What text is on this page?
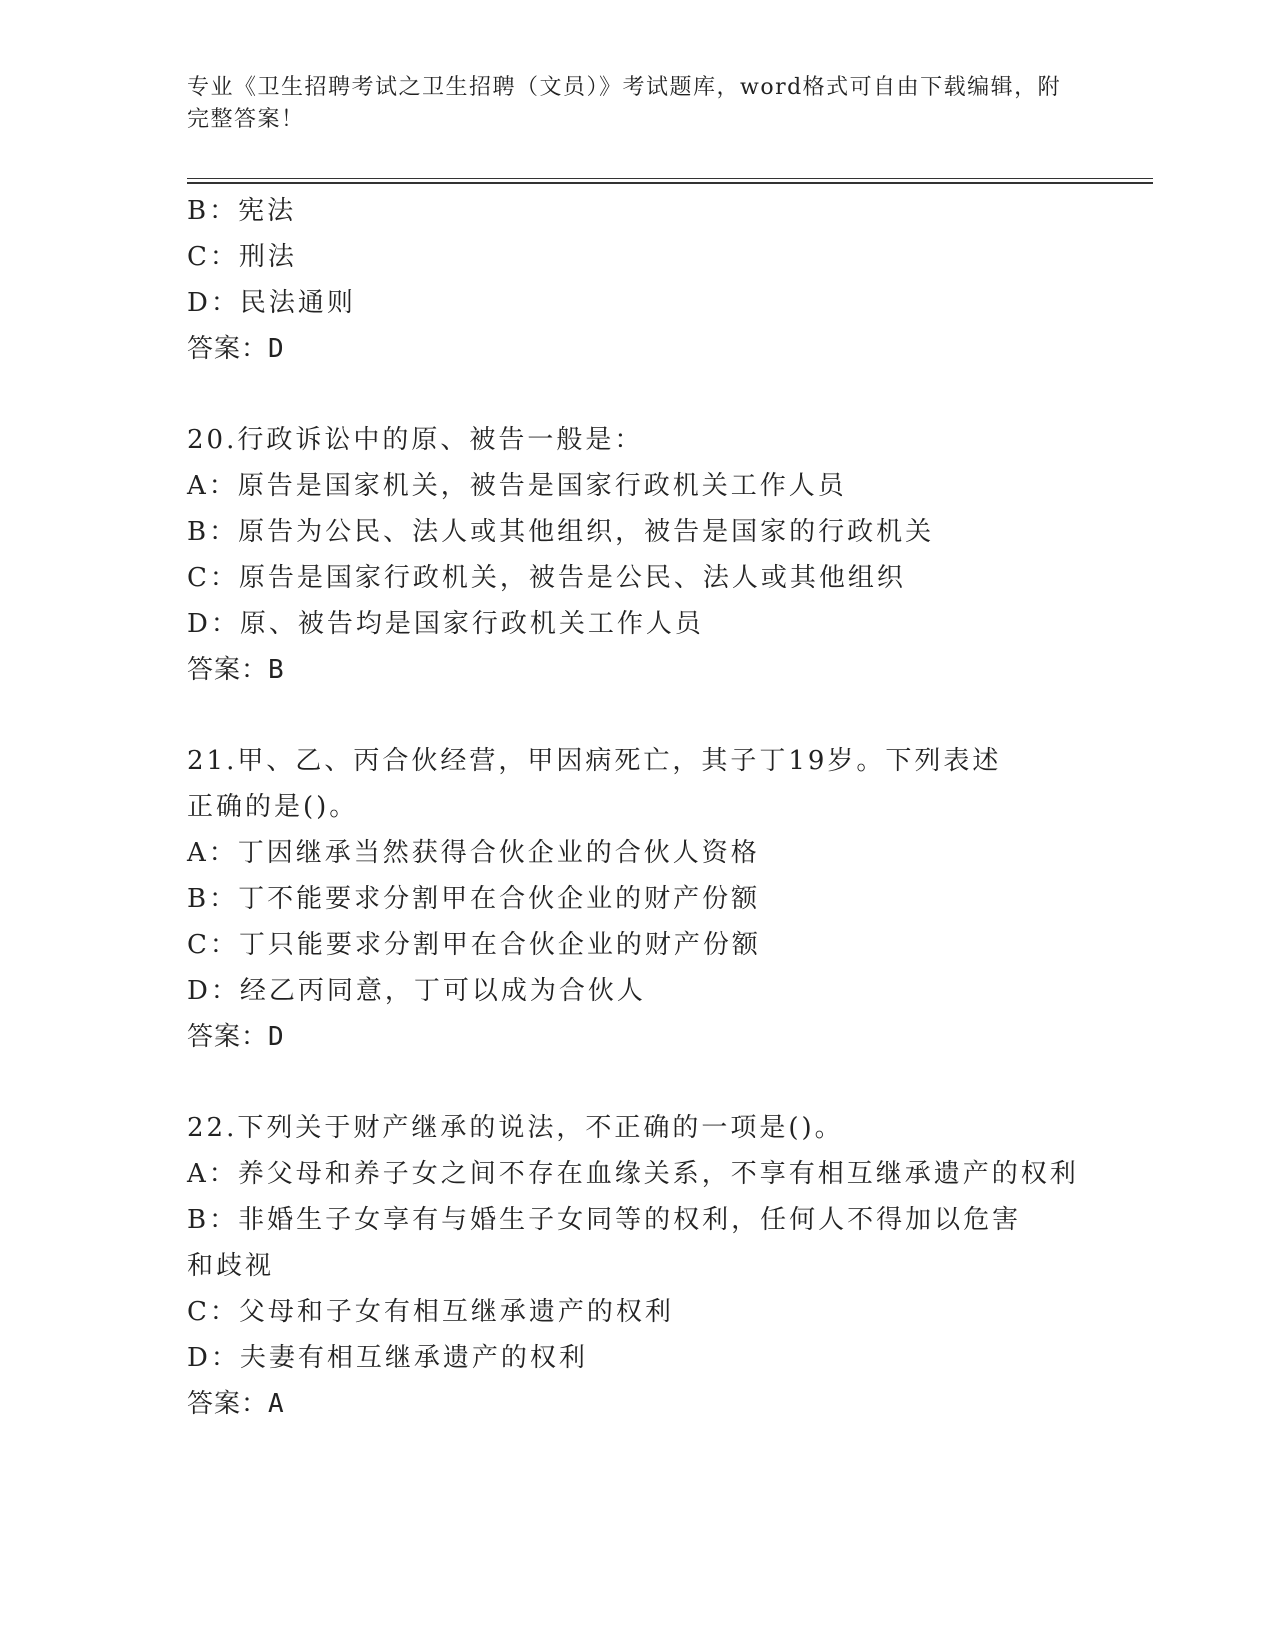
专业《卫生招聘考试之卫生招聘（文员）》考试题库，word格式可自由下载编辑，附完整答案！
B：宪法
C：刑法
D：民法通则
答案：D
20.行政诉讼中的原、被告一般是：
A：原告是国家机关，被告是国家行政机关工作人员
B：原告为公民、法人或其他组织，被告是国家的行政机关
C：原告是国家行政机关，被告是公民、法人或其他组织
D：原、被告均是国家行政机关工作人员
答案：B
21.甲、乙、丙合伙经营，甲因病死亡，其子丁19岁。下列表述正确的是()。
A：丁因继承当然获得合伙企业的合伙人资格
B：丁不能要求分割甲在合伙企业的财产份额
C：丁只能要求分割甲在合伙企业的财产份额
D：经乙丙同意，丁可以成为合伙人
答案：D
22.下列关于财产继承的说法，不正确的一项是()。
A：养父母和养子女之间不存在血缘关系，不享有相互继承遗产的权利
B：非婚生子女享有与婚生子女同等的权利，任何人不得加以危害和歧视
C：父母和子女有相互继承遗产的权利
D：夫妻有相互继承遗产的权利
答案：A
